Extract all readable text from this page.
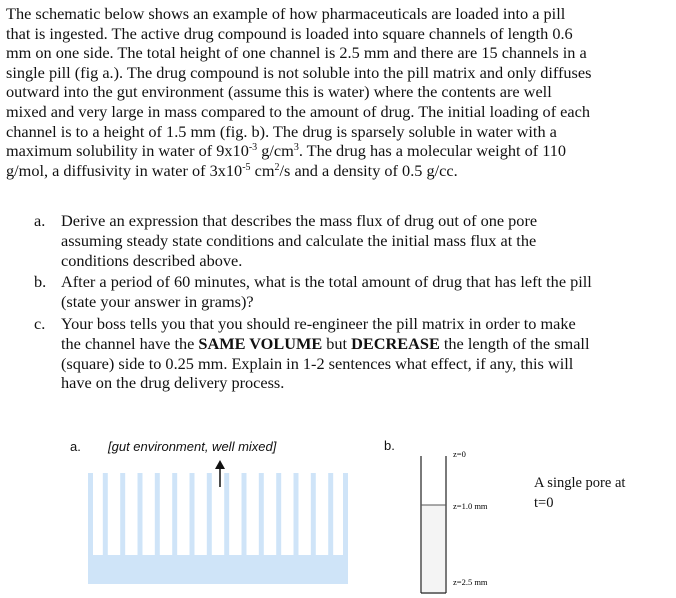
The schematic below shows an example of how pharmaceuticals are loaded into a pill
that is ingested. The active drug compound is loaded into square channels of length 0.6
mm on one side. The total height of one channel is 2.5 mm and there are 15 channels in a
single pill (fig a.). The drug compound is not soluble into the pill matrix and only diffuses
outward into the gut environment (assume this is water) where the contents are well
mixed and very large in mass compared to the amount of drug. The initial loading of each
channel is to a height of 1.5 mm (fig. b). The drug is sparsely soluble in water with a
maximum solubility in water of $9x10^{-3}$ $g/cm^3$. The drug has a molecular weight of 110
g/mol, a diffusivity in water of $3x10^{-5}$ $cm^2/s$ and a density of 0.5 g/cc.
a. Derive an expression that describes the mass flux of drug out of one pore
assuming steady state conditions and calculate the initial mass flux at the
conditions described above.
b. After a period of 60 minutes, what is the total amount of drug that has left the pill
(state your answer in grams)?
c. Your boss tells you that you should re-engineer the pill matrix in order to make
the channel have the SAME VOLUME but DECREASE the length of the small
(square) side to 0.25 mm. Explain in 1-2 sentences what effect, if any, this will
have on the drug delivery process.
a. [gut environment, well mixed]	b.
z=0
z=1.0 mm
z=2.5 mm
A single pore at
t=0
